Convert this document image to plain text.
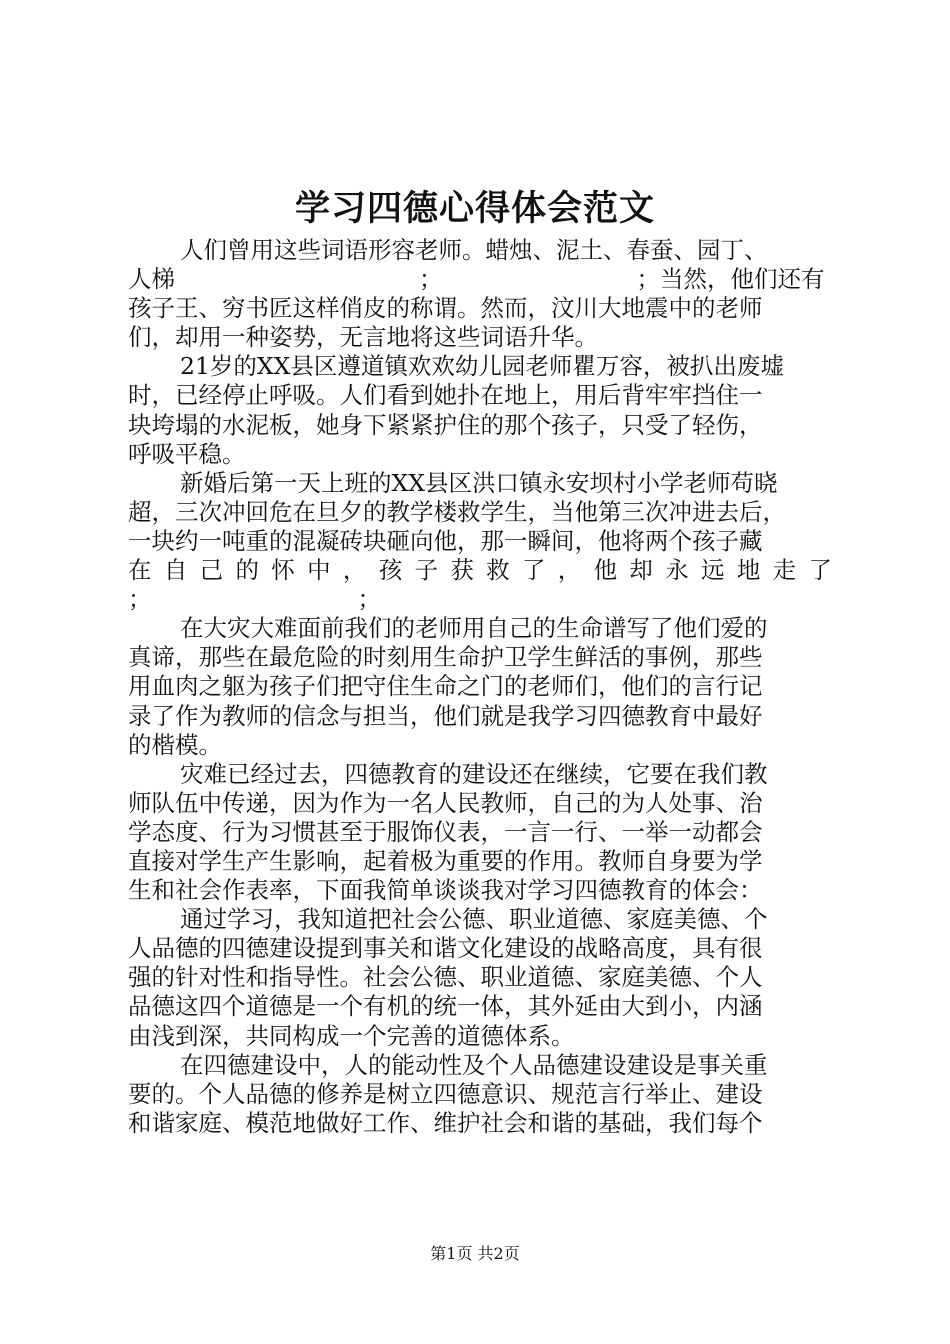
学习四德心得体会范文
人们曾用这些词语形容老师。蜡烛、泥土、春蚕、园丁、
人梯	；	；当然，他们还有
孩子王、穷书匠这样俏皮的称谓。然而，汶川大地震中的老师
们，却用一种姿势，无言地将这些词语升华。
21岁的XX县区遵道镇欢欢幼儿园老师瞿万容，被扒出废墟
时，已经停止呼吸。人们看到她扑在地上，用后背牢牢挡住一
块垮塌的水泥板，她身下紧紧护住的那个孩子，只受了轻伤，
呼吸平稳。
新婚后第一天上班的XX县区洪口镇永安坝村小学老师苟晓
超，三次冲回危在旦夕的教学楼救学生，当他第三次冲进去后，
一块约一吨重的混凝砖块砸向他，那一瞬间，他将两个孩子藏
在自己的怀中，孩子获救了，他却永远地走了
；	；
在大灾大难面前我们的老师用自己的生命谱写了他们爱的
真谛，那些在最危险的时刻用生命护卫学生鲜活的事例，那些
用血肉之躯为孩子们把守住生命之门的老师们，他们的言行记
录了作为教师的信念与担当，他们就是我学习四德教育中最好
的楷模。
灾难已经过去，四德教育的建设还在继续，它要在我们教
师队伍中传递，因为作为一名人民教师，自己的为人处事、治
学态度、行为习惯甚至于服饰仪表，一言一行、一举一动都会
直接对学生产生影响，起着极为重要的作用。教师自身要为学
生和社会作表率，下面我简单谈谈我对学习四德教育的体会：
通过学习，我知道把社会公德、职业道德、家庭美德、个
人品德的四德建设提到事关和谐文化建设的战略高度，具有很
强的针对性和指导性。社会公德、职业道德、家庭美德、个人
品德这四个道德是一个有机的统一体，其外延由大到小，内涵
由浅到深，共同构成一个完善的道德体系。
在四德建设中，人的能动性及个人品德建设建设是事关重
要的。个人品德的修养是树立四德意识、规范言行举止、建设
和谐家庭、模范地做好工作、维护社会和谐的基础，我们每个
第1页 共2页
